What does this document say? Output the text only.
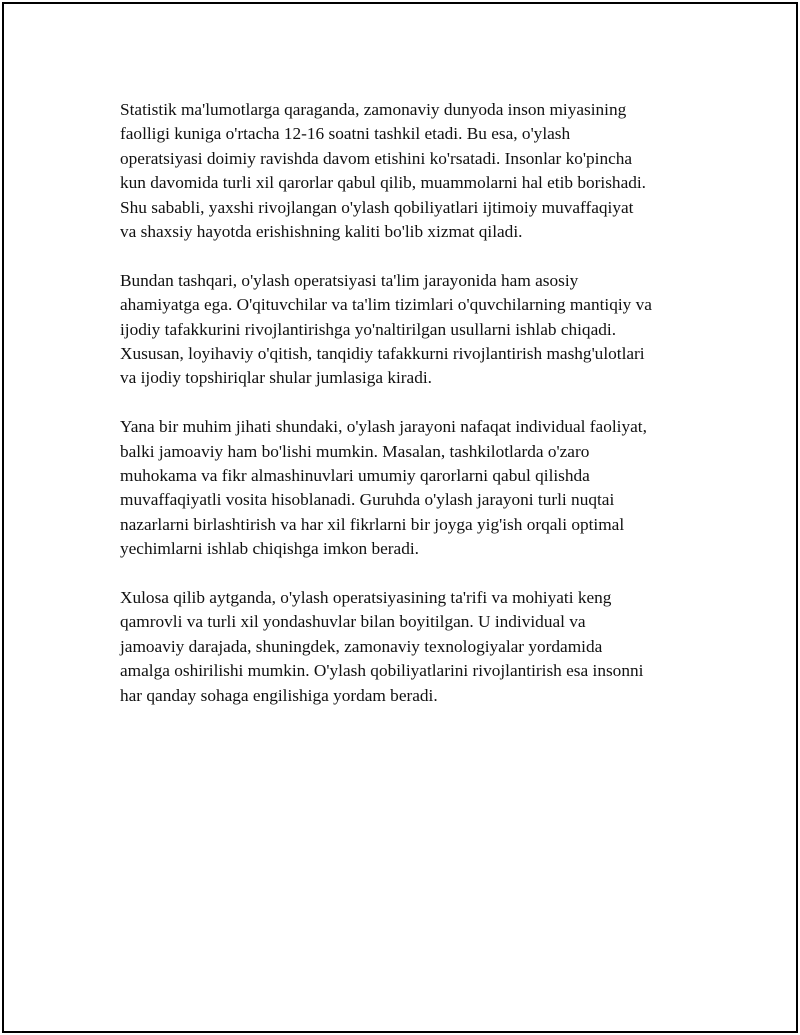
Statistik ma'lumotlarga qaraganda, zamonaviy dunyoda inson miyasining
faolligi kuniga o'rtacha 12-16 soatni tashkil etadi. Bu esa, o'ylash
operatsiyasi doimiy ravishda davom etishini ko'rsatadi. Insonlar ko'pincha
kun davomida turli xil qarorlar qabul qilib, muammolarni hal etib borishadi.
Shu sababli, yaxshi rivojlangan o'ylash qobiliyatlari ijtimoiy muvaffaqiyat
va shaxsiy hayotda erishishning kaliti bo'lib xizmat qiladi.

Bundan tashqari, o'ylash operatsiyasi ta'lim jarayonida ham asosiy
ahamiyatga ega. O'qituvchilar va ta'lim tizimlari o'quvchilarning mantiqiy va
ijodiy tafakkurini rivojlantirishga yo'naltirilgan usullarni ishlab chiqadi.
Xususan, loyihaviy o'qitish, tanqidiy tafakkurni rivojlantirish mashg'ulotlari
va ijodiy topshiriqlar shular jumlasiga kiradi.

Yana bir muhim jihati shundaki, o'ylash jarayoni nafaqat individual faoliyat,
balki jamoaviy ham bo'lishi mumkin. Masalan, tashkilotlarda o'zaro
muhokama va fikr almashinuvlari umumiy qarorlarni qabul qilishda
muvaffaqiyatli vosita hisoblanadi. Guruhda o'ylash jarayoni turli nuqtai
nazarlarni birlashtirish va har xil fikrlarni bir joyga yig'ish orqali optimal
yechimlarni ishlab chiqishga imkon beradi.

Xulosa qilib aytganda, o'ylash operatsiyasining ta'rifi va mohiyati keng
qamrovli va turli xil yondashuvlar bilan boyitilgan. U individual va
jamoaviy darajada, shuningdek, zamonaviy texnologiyalar yordamida
amalga oshirilishi mumkin. O'ylash qobiliyatlarini rivojlantirish esa insonni
har qanday sohaga engilishiga yordam beradi.
